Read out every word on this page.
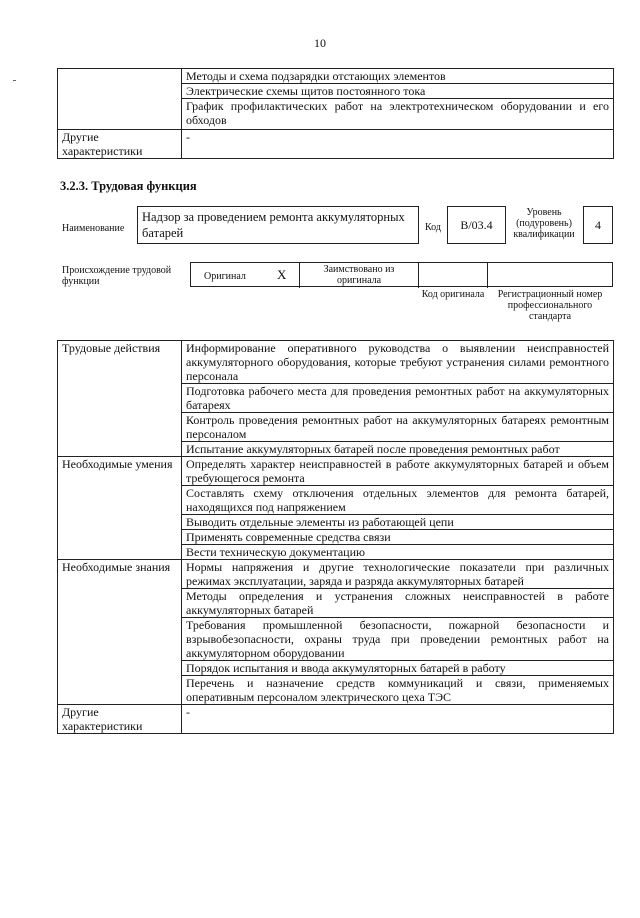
10
	Методы и схема подзарядки отстающих элементов
	Электрические схемы щитов постоянного тока
	График профилактических работ на электротехническом оборудовании и его обходов
Другие характеристики	-
3.2.3. Трудовая функция
Наименование
Надзор за проведением ремонта аккумуляторных батарей	Код	В/03.4
Уровень (подуровень) квалификации
4
Происхождение трудовой функции	Оригинал X	Заимствовано из оригинала
Код оригинала	Регистрационный номер профессионального стандарта
Трудовые действия	Информирование оперативного руководства о выявлении неисправностей аккумуляторного оборудования, которые требуют устранения силами ремонтного персонала
	Подготовка рабочего места для проведения ремонтных работ на аккумуляторных батареях
	Контроль проведения ремонтных работ на аккумуляторных батареях ремонтным персоналом
	Испытание аккумуляторных батарей после проведения ремонтных работ
Необходимые умения	Определять характер неисправностей в работе аккумуляторных батарей и объем требующегося ремонта
	Составлять схему отключения отдельных элементов для ремонта батарей, находящихся под напряжением
	Выводить отдельные элементы из работающей цепи
	Применять современные средства связи
	Вести техническую документацию
Необходимые знания	Нормы напряжения и другие технологические показатели при различных режимах эксплуатации, заряда и разряда аккумуляторных батарей
	Методы определения и устранения сложных неисправностей в работе аккумуляторных батарей
	Требования промышленной безопасности, пожарной безопасности и взрывобезопасности, охраны труда при проведении ремонтных работ на аккумуляторном оборудовании
	Порядок испытания и ввода аккумуляторных батарей в работу
	Перечень и назначение средств коммуникаций и связи, применяемых оперативным персоналом электрического цеха ТЭС
Другие характеристики	-
